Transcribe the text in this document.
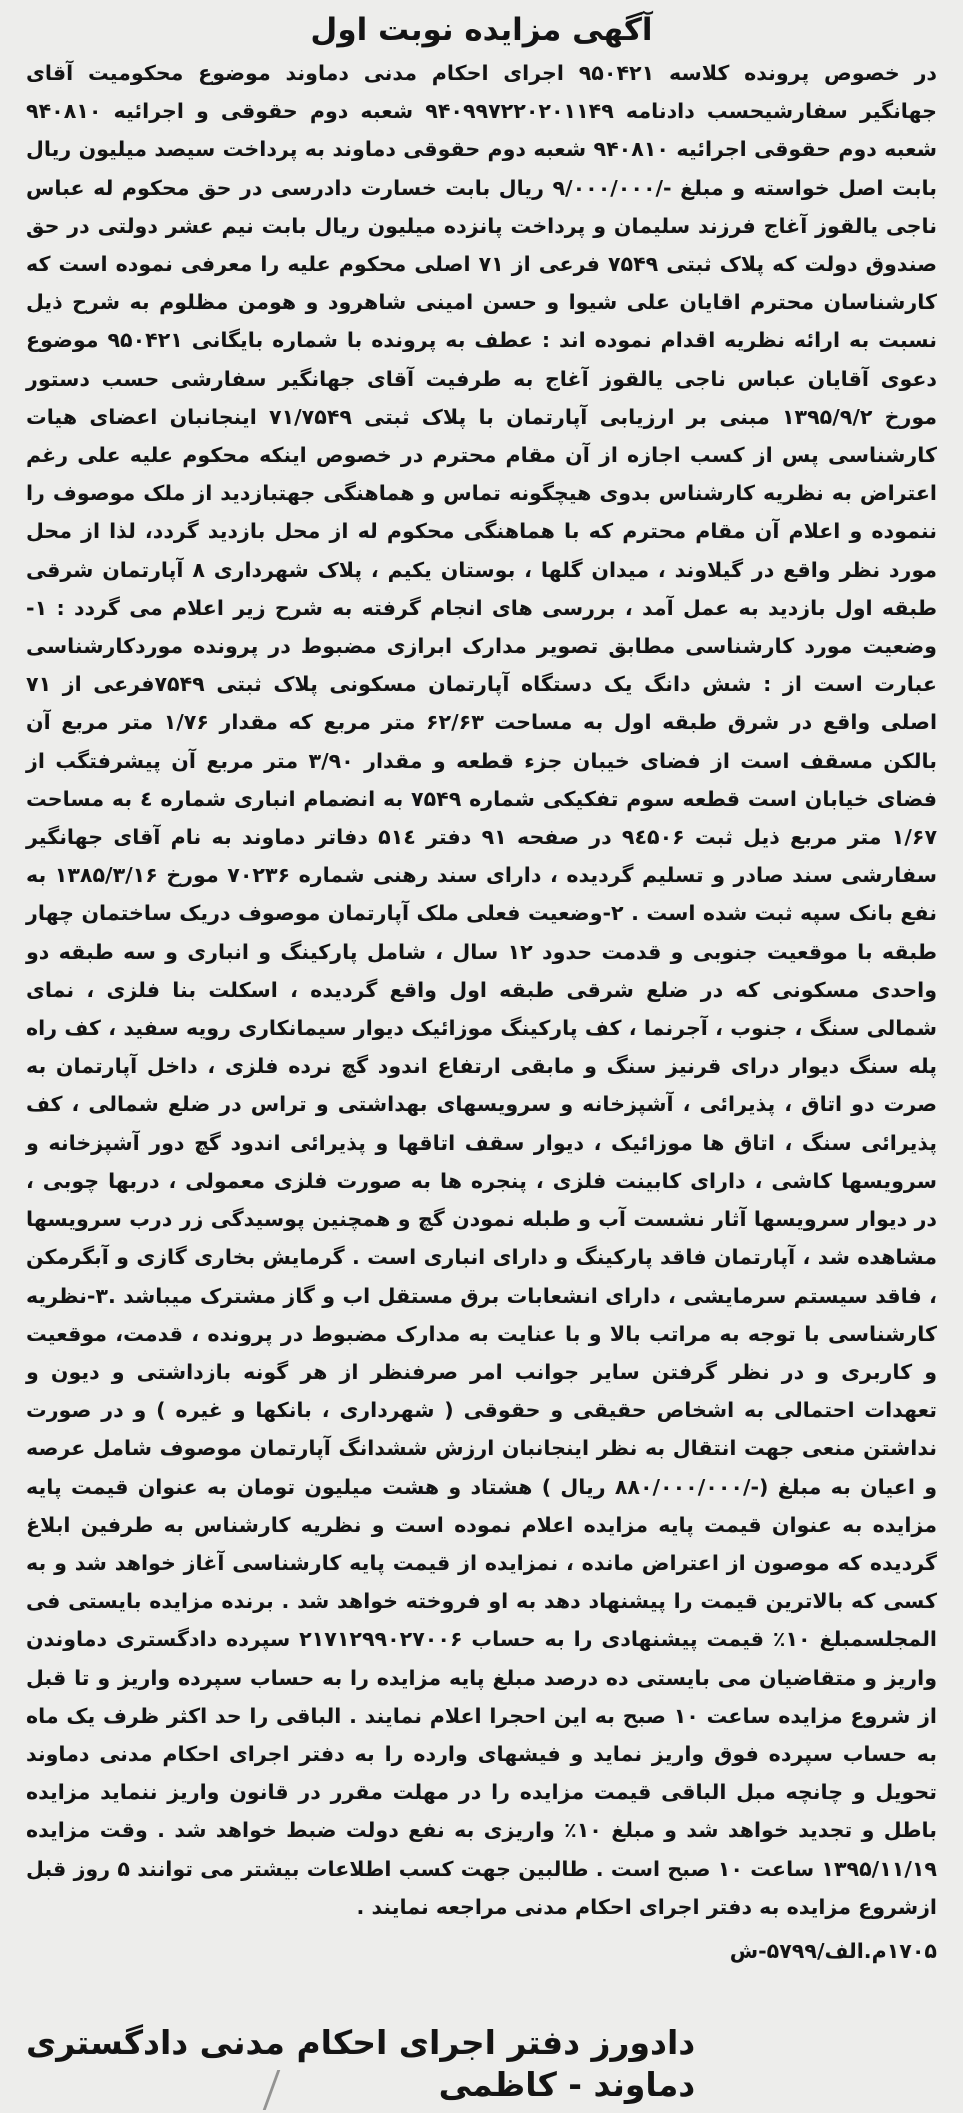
آگهی مزایده نوبت اول

در خصوص پرونده کلاسه ۹۵۰۴۲۱ اجرای احکام مدنی دماوند موضوع محکومیت آقای جهانگیر سفارشیحسب دادنامه ۹۴۰۹۹۷۲۲۰۲۰۱۱۴۹ شعبه دوم حقوقی و اجرائیه ۹۴۰۸۱۰ شعبه دوم حقوقی اجرائیه ۹۴۰۸۱۰ شعبه دوم حقوقی دماوند به پرداخت سیصد میلیون ریال بابت اصل خواسته و مبلغ -/۹/۰۰۰/۰۰۰ ریال بابت خسارت دادرسی در حق محکوم له عباس ناجی یالقوز آغاج فرزند سلیمان و پرداخت پانزده میلیون ریال بابت نیم عشر دولتی در حق صندوق دولت که پلاک ثبتی ۷۵۴۹ فرعی از ۷۱ اصلی محکوم علیه را معرفی نموده است که کارشناسان محترم اقایان علی شیوا و حسن امینی شاهرود و هومن مظلوم به شرح ذیل نسبت به ارائه نظریه اقدام نموده اند : عطف به پرونده با شماره بایگانی ۹۵۰۴۲۱ موضوع دعوی آقایان عباس ناجی یالقوز آغاج به طرفیت آقای جهانگیر سفارشی حسب دستور مورخ ۱۳۹۵/۹/۲ مبنی بر ارزیابی آپارتمان با پلاک ثبتی ۷۱/۷۵۴۹ اینجانبان اعضای هیات کارشناسی پس از کسب اجازه از آن مقام محترم در خصوص اینکه محکوم علیه علی رغم اعتراض به نظریه کارشناس بدوی هیچگونه تماس و هماهنگی جهتبازدید از ملک موصوف را ننموده و اعلام آن مقام محترم که با هماهنگی محکوم له از محل بازدید گردد، لذا از محل مورد نظر واقع در گیلاوند ، میدان گلها ، بوستان یکیم ، پلاک شهرداری ۸ آپارتمان شرقی طبقه اول بازدید به عمل آمد ، بررسی های انجام گرفته به شرح زیر اعلام می گردد : ۱-وضعیت مورد کارشناسی مطابق تصویر مدارک ابرازی مضبوط در پرونده موردکارشناسی عبارت است از : شش دانگ یک دستگاه آپارتمان مسکونی پلاک ثبتی ۷۵۴۹فرعی از ۷۱ اصلی واقع در شرق طبقه اول به مساحت ۶۲/۶۳ متر مربع که مقدار ۱/۷۶ متر مربع آن بالکن مسقف است از فضای خیبان جزء قطعه و مقدار ۳/۹۰ متر مربع آن پیشرفتگب از فضای خیابان است قطعه سوم تفکیکی شماره ۷۵۴۹ به انضمام انباری شماره ٤ به مساحت ۱/۶۷ متر مربع ذیل ثبت ۹٤۵۰۶ در صفحه ۹۱ دفتر ۵۱٤ دفاتر دماوند به نام آقای جهانگیر سفارشی سند صادر و تسلیم گردیده ، دارای سند رهنی شماره ۷۰۲۳۶ مورخ ۱۳۸۵/۳/۱۶ به نفع بانک سپه ثبت شده است . ۲-وضعیت فعلی ملک آپارتمان موصوف دریک ساختمان چهار طبقه با موقعیت جنوبی و قدمت حدود ۱۲ سال ، شامل پارکینگ و انباری و سه طبقه دو واحدی مسکونی که در ضلع شرقی طبقه اول واقع گردیده ، اسکلت بنا فلزی ، نمای شمالی سنگ ، جنوب ، آجرنما ، کف پارکینگ موزائیک دیوار سیمانکاری رویه سفید ، کف راه پله سنگ دیوار درای قرنیز سنگ و مابقی ارتفاع اندود گچ نرده فلزی ، داخل آپارتمان به صرت دو اتاق ، پذیرائی ، آشپزخانه و سرویسهای بهداشتی و تراس در ضلع شمالی ، کف پذیرائی سنگ ، اتاق ها موزائیک ، دیوار سقف اتاقها و پذیرائی اندود گچ دور آشپزخانه و سرویسها کاشی ، دارای کابینت فلزی ، پنجره ها به صورت فلزی معمولی ، دربها چوبی ، در دیوار سرویسها آثار نشست آب و طبله نمودن گچ و همچنین پوسیدگی زر درب سرویسها مشاهده شد ، آپارتمان فاقد پارکینگ و دارای انباری است . گرمایش بخاری گازی و آبگرمکن ، فاقد سیستم سرمایشی ، دارای انشعابات برق مستقل اب و گاز مشترک میباشد .۳-نظریه کارشناسی با توجه به مراتب بالا و با عنایت به مدارک مضبوط در پرونده ، قدمت، موقعیت و کاربری و در نظر گرفتن سایر جوانب امر صرفنظر از هر گونه بازداشتی و دیون و تعهدات احتمالی به اشخاص حقیقی و حقوقی ( شهرداری ، بانکها و غیره ) و در صورت نداشتن منعی جهت انتقال به نظر اینجانبان ارزش ششدانگ آپارتمان موصوف شامل عرصه و اعیان به مبلغ (-/۸۸۰/۰۰۰/۰۰۰ ریال ) هشتاد و هشت میلیون تومان به عنوان قیمت پایه مزایده به عنوان قیمت پایه مزایده اعلام نموده است و نظریه کارشناس به طرفین ابلاغ گردیده که موصون از اعتراض مانده ، نمزایده از قیمت پایه کارشناسی آغاز خواهد شد و به کسی که بالاترین قیمت را پیشنهاد دهد به او فروخته خواهد شد . برنده مزایده بایستی فی المجلسمبلغ ۱۰٪ قیمت پیشنهادی را به حساب ۲۱۷۱۲۹۹۰۲۷۰۰۶ سپرده دادگستری دماوندن واریز و متقاضیان می بایستی ده درصد مبلغ پایه مزایده را به حساب سپرده واریز و تا قبل از شروع مزایده ساعت ۱۰ صبح به این احجرا اعلام نمایند . الباقی را حد اکثر ظرف یک ماه به حساب سپرده فوق واریز نماید و فیشهای وارده را به دفتر اجرای احکام مدنی دماوند تحویل و چانچه مبل الباقی قیمت مزایده را در مهلت مقرر در قانون واریز ننماید مزایده باطل و تجدید خواهد شد و مبلغ ۱۰٪ واریزی به نفع دولت ضبط خواهد شد . وقت مزایده ۱۳۹۵/۱۱/۱۹ ساعت ۱۰ صبح است . طالبین جهت کسب اطلاعات بیشتر می توانند ۵ روز قبل ازشروع مزایده به دفتر اجرای احکام مدنی مراجعه نمایند .

۱۷۰۵م.الف/۵۷۹۹-ش

دادورز دفتر اجرای احکام مدنی دادگستری
دماوند - کاظمی
